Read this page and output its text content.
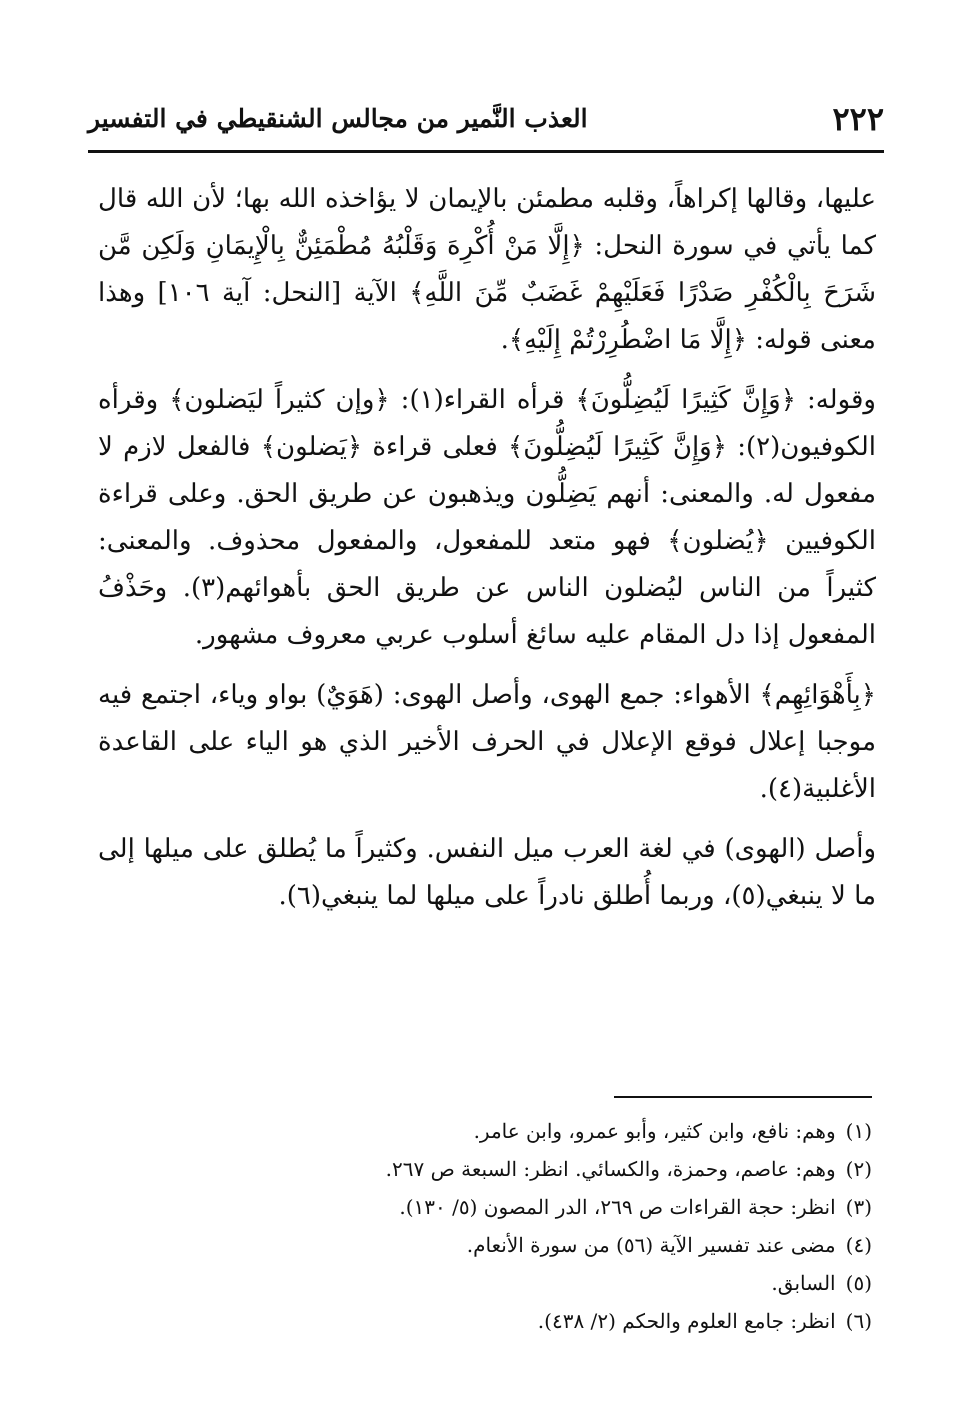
٢٢٢
العذب النَّمير من مجالس الشنقيطي في التفسير

عليها، وقالها إكراهاً، وقلبه مطمئن بالإيمان لا يؤاخذه الله بها؛ لأن الله قال كما يأتي في سورة النحل: ﴿إِلَّا مَنْ أُكْرِهَ وَقَلْبُهُ مُطْمَئِنٌّ بِالْإِيمَانِ وَلَكِن مَّن شَرَحَ بِالْكُفْرِ صَدْرًا فَعَلَيْهِمْ غَضَبٌ مِّنَ اللَّهِ﴾ الآية [النحل: آية ١٠٦] وهذا معنى قوله: ﴿إِلَّا مَا اضْطُرِرْتُمْ إِلَيْهِ﴾.

وقوله: ﴿وَإِنَّ كَثِيرًا لَيُضِلُّونَ﴾ قرأه القراء(١): ﴿وإن كثيراً ليَضلون﴾ وقرأه الكوفيون(٢): ﴿وَإِنَّ كَثِيرًا لَيُضِلُّونَ﴾ فعلى قراءة ﴿يَضلون﴾ فالفعل لازم لا مفعول له. والمعنى: أنهم يَضِلُّون ويذهبون عن طريق الحق. وعلى قراءة الكوفيين ﴿يُضلون﴾ فهو متعد للمفعول، والمفعول محذوف. والمعنى: كثيراً من الناس ليُضلون الناس عن طريق الحق بأهوائهم(٣). وحَذْفُ المفعول إذا دل المقام عليه سائغ أسلوب عربي معروف مشهور.

﴿بِأَهْوَائِهِم﴾ الأهواء: جمع الهوى، وأصل الهوى: (هَوَيٌ) بواو وياء، اجتمع فيه موجبا إعلال فوقع الإعلال في الحرف الأخير الذي هو الياء على القاعدة الأغلبية(٤).

وأصل (الهوى) في لغة العرب ميل النفس. وكثيراً ما يُطلق على ميلها إلى ما لا ينبغي(٥)، وربما أُطلق نادراً على ميلها لما ينبغي(٦).

(١)وهم: نافع، وابن كثير، وأبو عمرو، وابن عامر.
(٢)وهم: عاصم، وحمزة، والكسائي. انظر: السبعة ص ٢٦٧.
(٣)انظر: حجة القراءات ص ٢٦٩، الدر المصون (٥/ ١٣٠).
(٤)مضى عند تفسير الآية (٥٦) من سورة الأنعام.
(٥)السابق.
(٦)انظر: جامع العلوم والحكم (٢/ ٤٣٨).
